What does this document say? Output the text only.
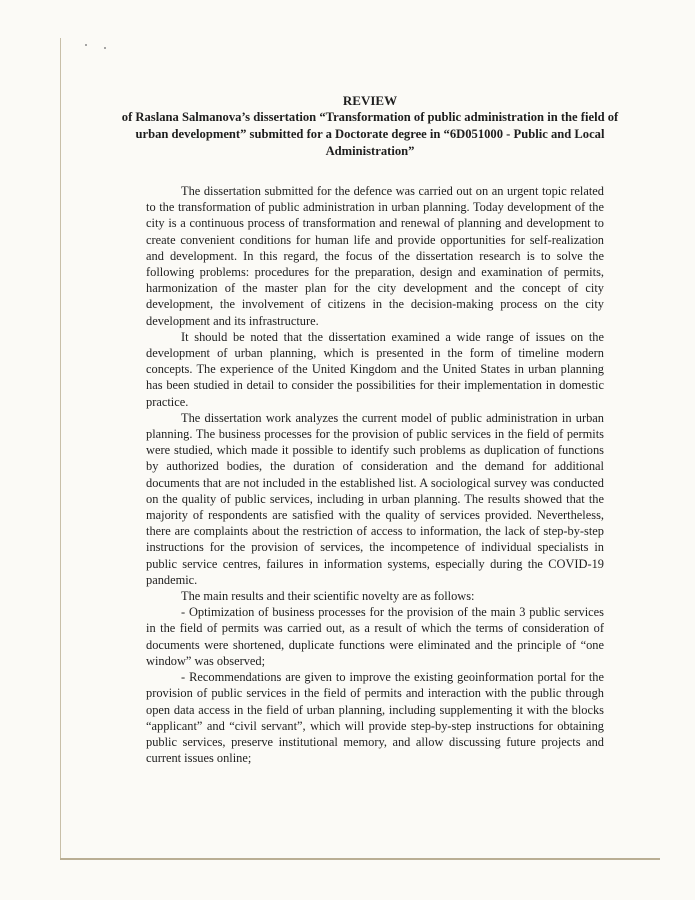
REVIEW
of Raslana Salmanova’s dissertation “Transformation of public administration in the field of urban development” submitted for a Doctorate degree in “6D051000 - Public and Local Administration”

The dissertation submitted for the defence was carried out on an urgent topic related to the transformation of public administration in urban planning. Today development of the city is a continuous process of transformation and renewal of planning and development to create convenient conditions for human life and provide opportunities for self-realization and development. In this regard, the focus of the dissertation research is to solve the following problems: procedures for the preparation, design and examination of permits, harmonization of the master plan for the city development and the concept of city development, the involvement of citizens in the decision-making process on the city development and its infrastructure.

It should be noted that the dissertation examined a wide range of issues on the development of urban planning, which is presented in the form of timeline modern concepts. The experience of the United Kingdom and the United States in urban planning has been studied in detail to consider the possibilities for their implementation in domestic practice.

The dissertation work analyzes the current model of public administration in urban planning. The business processes for the provision of public services in the field of permits were studied, which made it possible to identify such problems as duplication of functions by authorized bodies, the duration of consideration and the demand for additional documents that are not included in the established list. A sociological survey was conducted on the quality of public services, including in urban planning. The results showed that the majority of respondents are satisfied with the quality of services provided. Nevertheless, there are complaints about the restriction of access to information, the lack of step-by-step instructions for the provision of services, the incompetence of individual specialists in public service centres, failures in information systems, especially during the COVID-19 pandemic.

The main results and their scientific novelty are as follows:

- Optimization of business processes for the provision of the main 3 public services in the field of permits was carried out, as a result of which the terms of consideration of documents were shortened, duplicate functions were eliminated and the principle of “one window” was observed;

- Recommendations are given to improve the existing geoinformation portal for the provision of public services in the field of permits and interaction with the public through open data access in the field of urban planning, including supplementing it with the blocks “applicant” and “civil servant”, which will provide step-by-step instructions for obtaining public services, preserve institutional memory, and allow discussing future projects and current issues online;
